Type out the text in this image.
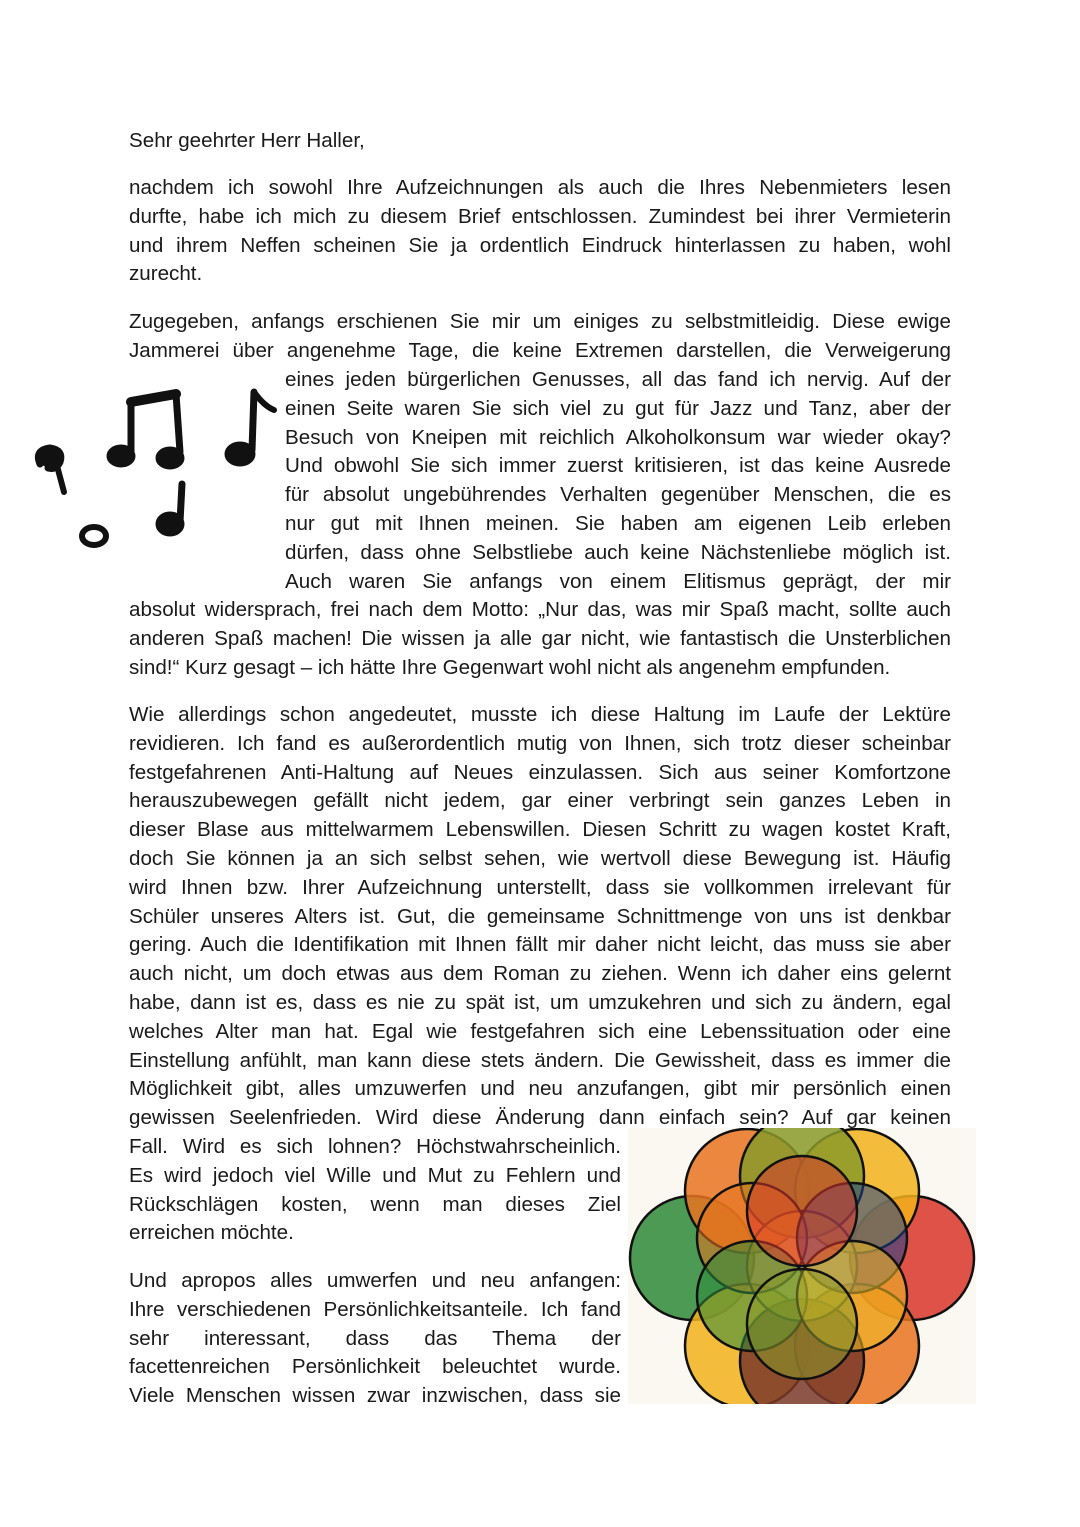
Sehr geehrter Herr Haller,
nachdem ich sowohl Ihre Aufzeichnungen als auch die Ihres Nebenmieters lesen
durfte, habe ich mich zu diesem Brief entschlossen. Zumindest bei ihrer Vermieterin
und ihrem Neffen scheinen Sie ja ordentlich Eindruck hinterlassen zu haben, wohl
zurecht.
Zugegeben, anfangs erschienen Sie mir um einiges zu selbstmitleidig. Diese ewige
Jammerei über angenehme Tage, die keine Extremen darstellen, die Verweigerung
eines jeden bürgerlichen Genusses, all das fand ich nervig. Auf der
einen Seite waren Sie sich viel zu gut für Jazz und Tanz, aber der
Besuch von Kneipen mit reichlich Alkoholkonsum war wieder okay?
Und obwohl Sie sich immer zuerst kritisieren, ist das keine Ausrede
für absolut ungebührendes Verhalten gegenüber Menschen, die es
nur gut mit Ihnen meinen. Sie haben am eigenen Leib erleben
dürfen, dass ohne Selbstliebe auch keine Nächstenliebe möglich ist.
Auch waren Sie anfangs von einem Elitismus geprägt, der mir
absolut widersprach, frei nach dem Motto: „Nur das, was mir Spaß macht, sollte auch
anderen Spaß machen! Die wissen ja alle gar nicht, wie fantastisch die Unsterblichen
sind!“ Kurz gesagt – ich hätte Ihre Gegenwart wohl nicht als angenehm empfunden.
Wie allerdings schon angedeutet, musste ich diese Haltung im Laufe der Lektüre
revidieren. Ich fand es außerordentlich mutig von Ihnen, sich trotz dieser scheinbar
festgefahrenen Anti-Haltung auf Neues einzulassen. Sich aus seiner Komfortzone
herauszubewegen gefällt nicht jedem, gar einer verbringt sein ganzes Leben in
dieser Blase aus mittelwarmem Lebenswillen. Diesen Schritt zu wagen kostet Kraft,
doch Sie können ja an sich selbst sehen, wie wertvoll diese Bewegung ist. Häufig
wird Ihnen bzw. Ihrer Aufzeichnung unterstellt, dass sie vollkommen irrelevant für
Schüler unseres Alters ist. Gut, die gemeinsame Schnittmenge von uns ist denkbar
gering. Auch die Identifikation mit Ihnen fällt mir daher nicht leicht, das muss sie aber
auch nicht, um doch etwas aus dem Roman zu ziehen. Wenn ich daher eins gelernt
habe, dann ist es, dass es nie zu spät ist, um umzukehren und sich zu ändern, egal
welches Alter man hat. Egal wie festgefahren sich eine Lebenssituation oder eine
Einstellung anfühlt, man kann diese stets ändern. Die Gewissheit, dass es immer die
Möglichkeit gibt, alles umzuwerfen und neu anzufangen, gibt mir persönlich einen
gewissen Seelenfrieden. Wird diese Änderung dann einfach sein? Auf gar keinen
Fall. Wird es sich lohnen? Höchstwahrscheinlich.
Es wird jedoch viel Wille und Mut zu Fehlern und
Rückschlägen kosten, wenn man dieses Ziel
erreichen möchte.
Und apropos alles umwerfen und neu anfangen:
Ihre verschiedenen Persönlichkeitsanteile. Ich fand
sehr interessant, dass das Thema der
facettenreichen Persönlichkeit beleuchtet wurde.
Viele Menschen wissen zwar inzwischen, dass sie
